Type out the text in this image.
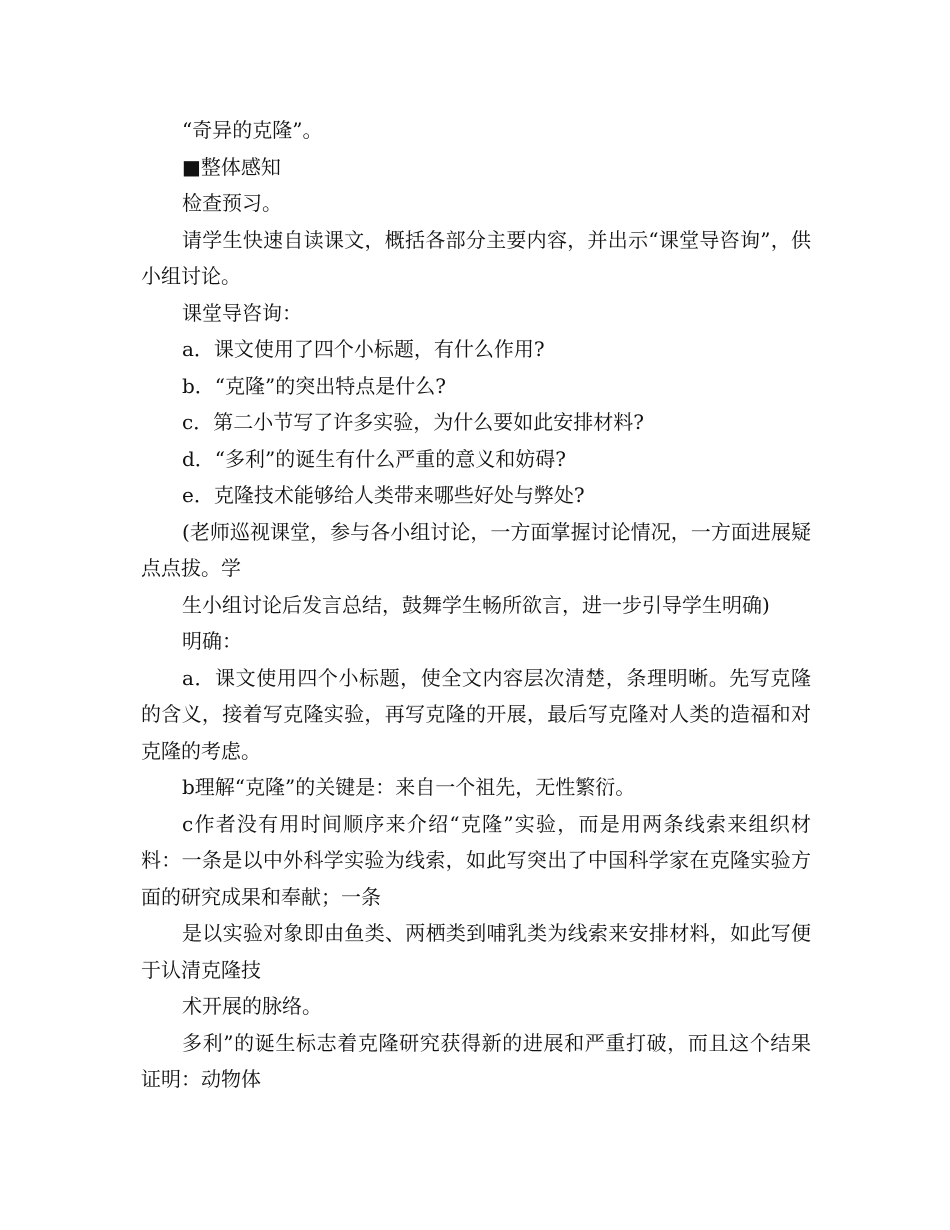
“奇异的克隆”。

■整体感知

检查预习。

请学生快速自读课文，概括各部分主要内容，并出示“课堂导咨询”，供小组讨论。

课堂导咨询：

a．课文使用了四个小标题，有什么作用?

b．“克隆”的突出特点是什么?

c．第二小节写了许多实验，为什么要如此安排材料?

d．“多利”的诞生有什么严重的意义和妨碍?

e．克隆技术能够给人类带来哪些好处与弊处?

(老师巡视课堂，参与各小组讨论，一方面掌握讨论情况，一方面进展疑点点拔。学

生小组讨论后发言总结，鼓舞学生畅所欲言，进一步引导学生明确)

明确：

a．课文使用四个小标题，使全文内容层次清楚，条理明晰。先写克隆的含义，接着写克隆实验，再写克隆的开展，最后写克隆对人类的造福和对克隆的考虑。

b理解“克隆”的关键是：来自一个祖先，无性繁衍。

c作者没有用时间顺序来介绍“克隆”实验，而是用两条线索来组织材料：一条是以中外科学实验为线索，如此写突出了中国科学家在克隆实验方面的研究成果和奉献；一条

是以实验对象即由鱼类、两栖类到哺乳类为线索来安排材料，如此写便于认清克隆技

术开展的脉络。

多利”的诞生标志着克隆研究获得新的进展和严重打破，而且这个结果证明：动物体
